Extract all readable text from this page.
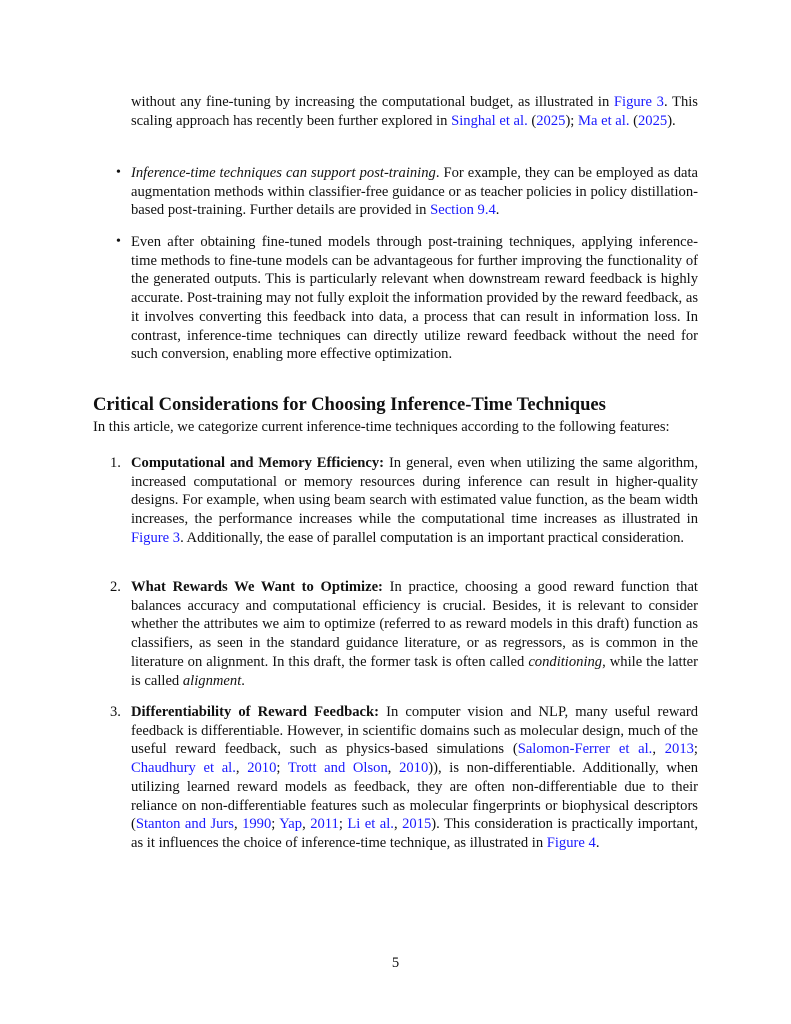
without any fine-tuning by increasing the computational budget, as illustrated in Figure 3. This scaling approach has recently been further explored in Singhal et al. (2025); Ma et al. (2025).

• Inference-time techniques can support post-training. For example, they can be employed as data augmentation methods within classifier-free guidance or as teacher policies in policy distillation-based post-training. Further details are provided in Section 9.4.

• Even after obtaining fine-tuned models through post-training techniques, applying inference-time methods to fine-tune models can be advantageous for further improving the functionality of the generated outputs. This is particularly relevant when downstream reward feedback is highly accurate. Post-training may not fully exploit the information provided by the reward feedback, as it involves converting this feedback into data, a process that can result in information loss. In contrast, inference-time techniques can directly utilize reward feedback without the need for such conversion, enabling more effective optimization.

Critical Considerations for Choosing Inference-Time Techniques

In this article, we categorize current inference-time techniques according to the following features:

1. Computational and Memory Efficiency: In general, even when utilizing the same algorithm, increased computational or memory resources during inference can result in higher-quality designs. For example, when using beam search with estimated value function, as the beam width increases, the performance increases while the computational time increases as illustrated in Figure 3. Additionally, the ease of parallel computation is an important practical consideration.

2. What Rewards We Want to Optimize: In practice, choosing a good reward function that balances accuracy and computational efficiency is crucial. Besides, it is relevant to consider whether the attributes we aim to optimize (referred to as reward models in this draft) function as classifiers, as seen in the standard guidance literature, or as regressors, as is common in the literature on alignment. In this draft, the former task is often called conditioning, while the latter is called alignment.

3. Differentiability of Reward Feedback: In computer vision and NLP, many useful reward feedback is differentiable. However, in scientific domains such as molecular design, much of the useful reward feedback, such as physics-based simulations (Salomon-Ferrer et al., 2013; Chaudhury et al., 2010; Trott and Olson, 2010)), is non-differentiable. Additionally, when utilizing learned reward models as feedback, they are often non-differentiable due to their reliance on non-differentiable features such as molecular fingerprints or biophysical descriptors (Stanton and Jurs, 1990; Yap, 2011; Li et al., 2015). This consideration is practically important, as it influences the choice of inference-time technique, as illustrated in Figure 4.

5
